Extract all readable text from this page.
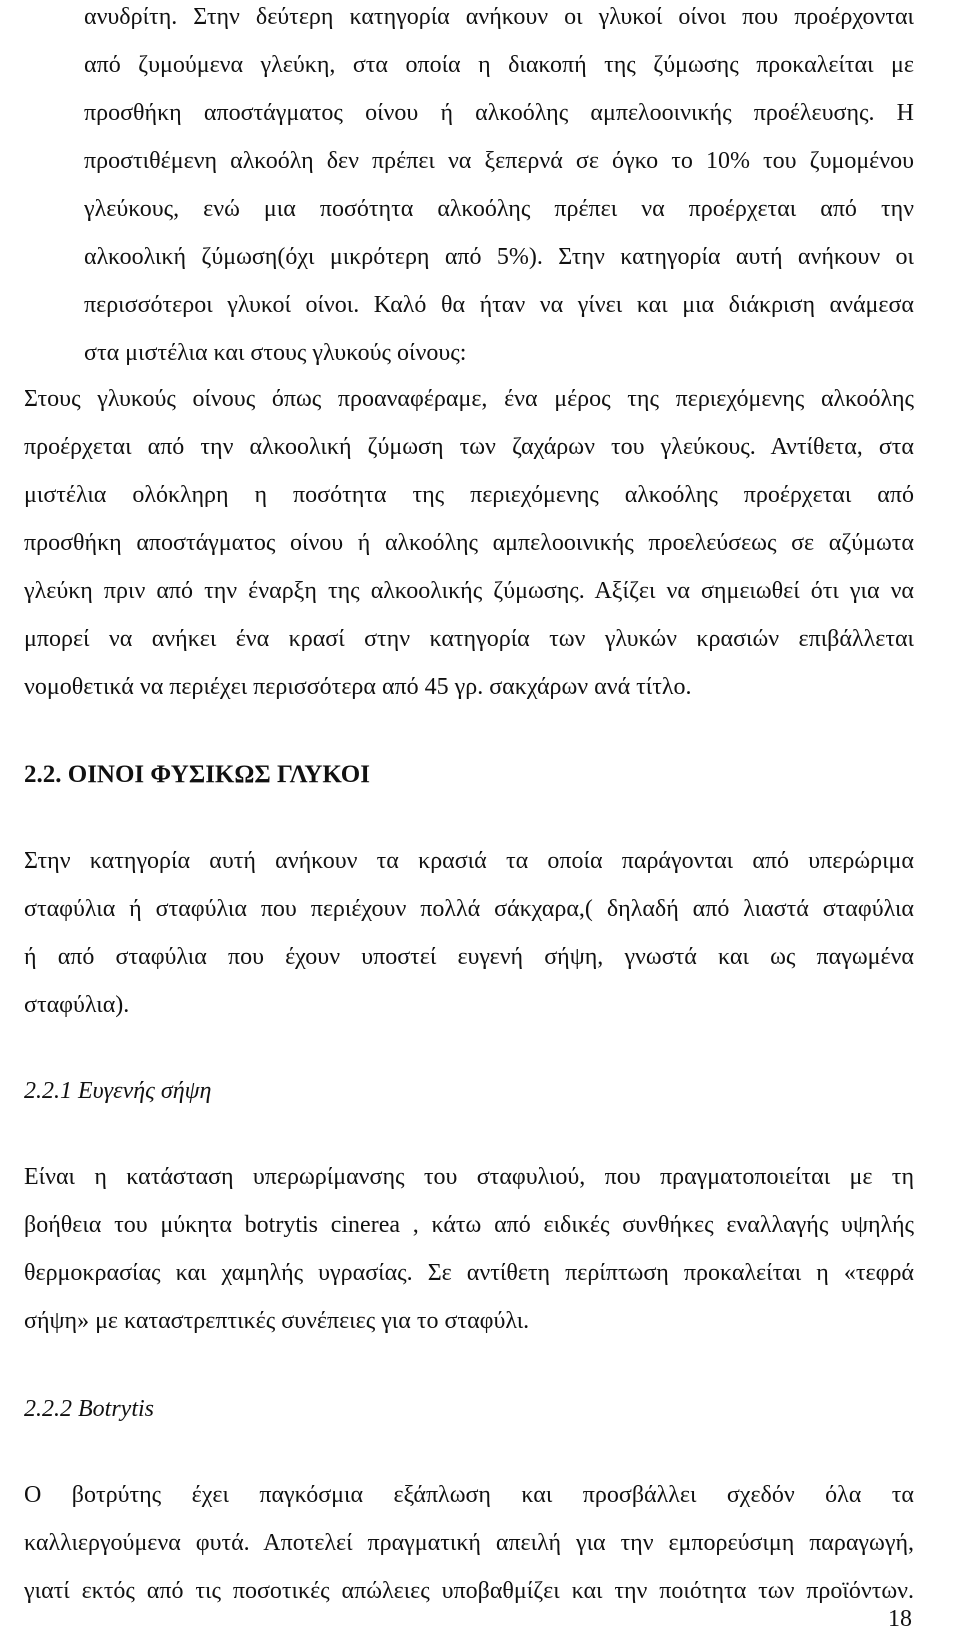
ανυδρίτη. Στην δεύτερη κατηγορία ανήκουν οι γλυκοί οίνοι που προέρχονται
από ζυμούμενα γλεύκη, στα οποία η διακοπή της ζύμωσης προκαλείται με
προσθήκη αποστάγματος οίνου ή αλκοόλης αμπελοοινικής προέλευσης. Η
προστιθέμενη αλκοόλη δεν πρέπει να ξεπερνά σε όγκο το 10% του ζυμομένου
γλεύκους, ενώ μια ποσότητα αλκοόλης πρέπει να προέρχεται από την
αλκοολική ζύμωση(όχι μικρότερη από 5%). Στην κατηγορία αυτή ανήκουν οι
περισσότεροι γλυκοί οίνοι. Καλό θα ήταν να γίνει και μια διάκριση ανάμεσα
στα μιστέλια και στους γλυκούς οίνους:
Στους γλυκούς οίνους όπως προαναφέραμε, ένα μέρος της περιεχόμενης αλκοόλης
προέρχεται από την αλκοολική ζύμωση των ζαχάρων του γλεύκους. Αντίθετα, στα
μιστέλια ολόκληρη η ποσότητα της περιεχόμενης αλκοόλης προέρχεται από
προσθήκη αποστάγματος οίνου ή αλκοόλης αμπελοοινικής προελεύσεως σε αζύμωτα
γλεύκη πριν από την έναρξη της αλκοολικής ζύμωσης. Αξίζει να σημειωθεί ότι για να
μπορεί να ανήκει ένα κρασί στην κατηγορία των γλυκών κρασιών επιβάλλεται
νομοθετικά να περιέχει περισσότερα από 45 γρ. σακχάρων ανά τίτλο.
2.2. ΟΙΝΟΙ ΦΥΣΙΚΩΣ ΓΛΥΚΟΙ
Στην κατηγορία αυτή ανήκουν τα κρασιά τα οποία παράγονται από υπερώριμα
σταφύλια ή σταφύλια που περιέχουν πολλά σάκχαρα,( δηλαδή από λιαστά σταφύλια
ή από σταφύλια που έχουν υποστεί ευγενή σήψη, γνωστά και ως παγωμένα
σταφύλια).
2.2.1 Ευγενής σήψη
Είναι η κατάσταση υπερωρίμανσης του σταφυλιού, που πραγματοποιείται με τη
βοήθεια του μύκητα botrytis cinerea , κάτω από ειδικές συνθήκες εναλλαγής υψηλής
θερμοκρασίας και χαμηλής υγρασίας. Σε αντίθετη περίπτωση προκαλείται η «τεφρά
σήψη» με καταστρεπτικές συνέπειες για το σταφύλι.
2.2.2 Botrytis
Ο βοτρύτης έχει παγκόσμια εξάπλωση και προσβάλλει σχεδόν όλα τα
καλλιεργούμενα φυτά. Αποτελεί πραγματική απειλή για την εμπορεύσιμη παραγωγή,
γιατί εκτός από τις ποσοτικές απώλειες υποβαθμίζει και την ποιότητα των προϊόντων.
18
